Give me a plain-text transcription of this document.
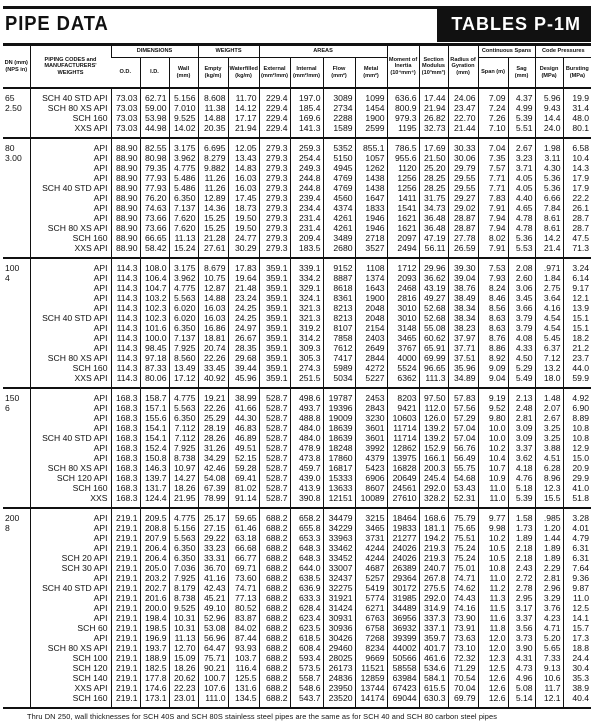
PIPE DATA	TABLES P-1M
DN (mm) (NPS in)	PIPING CODES and MANUFACTURERS' WEIGHTS	DIMENSIONS			WEIGHTS		AREAS				Moment of Inertia (10⁴mm⁴)	Section Modulus (10³mm³)	Radius of Gyration (mm)	Continuous Spans		Code Pressures	
		O.D.	I.D.	Wall (mm)	Empty (kg/m)	Waterfilled (kg/m)	External (mm²/mm)	Internal (mm²/mm)	Flow (mm²)	Metal (mm²)				Span (m)	Sag (mm)	Design (MPa)	Bursting (MPa)
65	SCH 40 STD API	73.03	62.71	5.156	8.608	11.70	229.4	197.0	3089	1099	636.6	17.44	24.06	7.09	4.37	5.96	19.9
2.50	SCH 80 XS API	73.03	59.00	7.010	11.38	14.12	229.4	185.4	2734	1454	800.9	21.94	23.47	7.24	4.99	9.43	31.4
	SCH 160	73.03	53.98	9.525	14.88	17.17	229.4	169.6	2288	1900	979.3	26.82	22.70	7.26	5.39	14.4	48.0
	XXS API	73.03	44.98	14.02	20.35	21.94	229.4	141.3	1589	2599	1195	32.73	21.44	7.10	5.51	24.0	80.1
80	API	88.90	82.55	3.175	6.695	12.05	279.3	259.3	5352	855.1	786.5	17.69	30.33	7.04	2.67	1.98	6.58
3.00	API	88.90	80.98	3.962	8.279	13.43	279.3	254.4	5150	1057	955.6	21.50	30.06	7.35	3.23	3.11	10.4
	API	88.90	79.35	4.775	9.882	14.83	279.3	249.3	4945	1262	1120	25.20	29.79	7.57	3.71	4.30	14.3
	API	88.90	77.93	5.486	11.26	16.03	279.3	244.8	4769	1438	1256	28.25	29.55	7.71	4.05	5.36	17.9
	SCH 40 STD API	88.90	77.93	5.486	11.26	16.03	279.3	244.8	4769	1438	1256	28.25	29.55	7.71	4.05	5.36	17.9
	API	88.90	76.20	6.350	12.89	17.45	279.3	239.4	4560	1647	1411	31.75	29.27	7.83	4.40	6.66	22.2
	API	88.90	74.63	7.137	14.36	18.73	279.3	234.4	4374	1833	1541	34.73	29.02	7.91	4.65	7.84	26.1
	API	88.90	73.66	7.620	15.25	19.50	279.3	231.4	4261	1946	1621	36.48	28.87	7.94	4.78	8.61	28.7
	SCH 80 XS API	88.90	73.66	7.620	15.25	19.50	279.3	231.4	4261	1946	1621	36.48	28.87	7.94	4.78	8.61	28.7
	SCH 160	88.90	66.65	11.13	21.28	24.77	279.3	209.4	3489	2718	2097	47.19	27.78	8.02	5.36	14.2	47.5
	XXS API	88.90	58.42	15.24	27.61	30.29	279.3	183.5	2680	3527	2494	56.11	26.59	7.91	5.53	21.4	71.3
100	API	114.3	108.0	3.175	8.679	17.83	359.1	339.1	9152	1108	1712	29.96	39.30	7.53	2.08	.971	3.24
4	API	114.3	106.4	3.962	10.75	19.64	359.1	334.2	8887	1374	2093	36.62	39.04	7.93	2.60	1.84	6.14
	API	114.3	104.7	4.775	12.87	21.48	359.1	329.1	8618	1643	2468	43.19	38.76	8.24	3.06	2.75	9.17
	API	114.3	103.2	5.563	14.88	23.24	359.1	324.1	8361	1900	2816	49.27	38.49	8.46	3.45	3.64	12.1
	API	114.3	102.3	6.020	16.03	24.25	359.1	321.3	8213	2048	3010	52.68	38.34	8.56	3.66	4.16	13.9
	SCH 40 STD API	114.3	102.3	6.020	16.03	24.25	359.1	321.3	8213	2048	3010	52.68	38.34	8.63	3.79	4.54	15.1
	API	114.3	101.6	6.350	16.86	24.97	359.1	319.2	8107	2154	3148	55.08	38.23	8.63	3.79	4.54	15.1
	API	114.3	100.0	7.137	18.81	26.67	359.1	314.2	7858	2403	3465	60.62	37.97	8.76	4.08	5.45	18.2
	API	114.3	98.45	7.925	20.74	28.35	359.1	309.3	7612	2649	3767	65.91	37.71	8.86	4.33	6.37	21.2
	SCH 80 XS API	114.3	97.18	8.560	22.26	29.68	359.1	305.3	7417	2844	4000	69.99	37.51	8.92	4.50	7.12	23.7
	SCH 160	114.3	87.33	13.49	33.45	39.44	359.1	274.3	5989	4272	5524	96.65	35.96	9.09	5.29	13.2	44.0
	XXS API	114.3	80.06	17.12	40.92	45.96	359.1	251.5	5034	5227	6362	111.3	34.89	9.04	5.49	18.0	59.9
150	API	168.3	158.7	4.775	19.21	38.99	528.7	498.6	19787	2453	8203	97.50	57.83	9.19	2.13	1.48	4.92
6	API	168.3	157.1	5.563	22.26	41.66	528.7	493.7	19396	2843	9421	112.0	57.56	9.52	2.48	2.07	6.90
	API	168.3	155.6	6.350	25.29	44.30	528.7	488.8	19009	3230	10603	126.0	57.29	9.80	2.81	2.67	8.89
	API	168.3	154.1	7.112	28.19	46.83	528.7	484.0	18639	3601	11714	139.2	57.04	10.0	3.09	3.25	10.8
	SCH 40 STD API	168.3	154.1	7.112	28.26	46.89	528.7	484.0	18639	3601	11714	139.2	57.04	10.0	3.09	3.25	10.8
	API	168.3	152.4	7.925	31.26	49.51	528.7	478.9	18248	3992	12862	152.9	56.76	10.2	3.37	3.88	12.9
	API	168.3	150.8	8.738	34.29	52.15	528.7	473.8	17860	4379	13975	166.1	56.49	10.4	3.62	4.51	15.0
	SCH 80 XS API	168.3	146.3	10.97	42.46	59.28	528.7	459.7	16817	5423	16828	200.3	55.75	10.7	4.18	6.28	20.9
	SCH 120 API	168.3	139.7	14.27	54.08	69.41	528.7	439.0	15333	6906	20649	245.4	54.68	10.9	4.76	8.96	29.9
	SCH 160	168.3	131.7	18.26	67.39	81.02	528.7	413.9	13633	8607	24561	292.0	53.43	11.0	5.18	12.3	41.0
	XXS	168.3	124.4	21.95	78.99	91.14	528.7	390.8	12151	10089	27610	328.2	52.31	11.0	5.39	15.5	51.8
200	API	219.1	209.5	4.775	25.17	59.65	688.2	658.2	34479	3215	18464	168.6	75.79	9.77	1.58	.985	3.28
8	API	219.1	208.8	5.156	27.15	61.46	688.2	655.8	34229	3465	19833	181.1	75.65	9.98	1.73	1.20	4.01
	API	219.1	207.9	5.563	29.22	63.18	688.2	653.3	33963	3731	21277	194.2	75.51	10.2	1.89	1.44	4.79
	API	219.1	206.4	6.350	33.23	66.68	688.2	648.3	33462	4244	24026	219.3	75.24	10.5	2.18	1.89	6.31
	SCH 20 API	219.1	206.4	6.350	33.31	66.77	688.2	648.3	33452	4244	24026	219.3	75.24	10.5	2.18	1.89	6.31
	SCH 30 API	219.1	205.0	7.036	36.70	69.71	688.2	644.0	33007	4687	26389	240.7	75.01	10.8	2.43	2.29	7.64
	API	219.1	203.2	7.925	41.16	73.60	688.2	638.5	32437	5257	29364	267.8	74.71	11.0	2.72	2.81	9.36
	SCH 40 STD API	219.1	202.7	8.179	42.43	74.71	688.2	636.9	32275	5419	30172	275.5	74.62	11.2	2.78	2.96	9.87
	API	219.1	201.6	8.738	45.21	77.13	688.2	633.3	31921	5774	31985	292.0	74.43	11.3	2.95	3.29	11.0
	API	219.1	200.0	9.525	49.10	80.52	688.2	628.4	31424	6271	34489	314.9	74.16	11.5	3.17	3.76	12.5
	API	219.1	198.4	10.31	52.96	83.87	688.2	623.4	30931	6763	36956	337.3	73.90	11.6	3.37	4.23	14.1
	SCH 60	219.1	198.5	10.31	53.08	84.02	688.2	623.5	30936	6758	36932	337.1	73.91	11.8	3.56	4.71	15.7
	API	219.1	196.9	11.13	56.96	87.44	688.2	618.5	30426	7268	39399	359.7	73.63	12.0	3.73	5.20	17.3
	SCH 80 XS API	219.1	193.7	12.70	64.47	93.93	688.2	608.4	29460	8234	44002	401.7	73.10	12.0	3.90	5.65	18.8
	SCH 100	219.1	188.9	15.09	75.71	103.7	688.2	593.4	28025	9669	50566	461.6	72.32	12.3	4.31	7.33	24.4
	SCH 120	219.1	182.5	18.26	90.21	116.4	688.2	573.5	26173	11521	58558	534.6	71.29	12.5	4.73	9.13	30.4
	SCH 140	219.1	177.8	20.62	100.7	125.5	688.2	558.7	24836	12859	63984	584.1	70.54	12.6	4.96	10.6	35.3
	XXS API	219.1	174.6	22.23	107.6	131.6	688.2	548.6	23950	13744	67423	615.5	70.04	12.6	5.08	11.7	38.9
	SCH 160	219.1	173.1	23.01	111.0	134.5	688.2	543.7	23520	14174	69044	630.3	69.79	12.6	5.14	12.1	40.4
Thru DN 250, wall thicknesses for SCH 40S and SCH 80S stainless steel pipes are the same as for SCH 40 and SCH 80 carbon steel pipes
